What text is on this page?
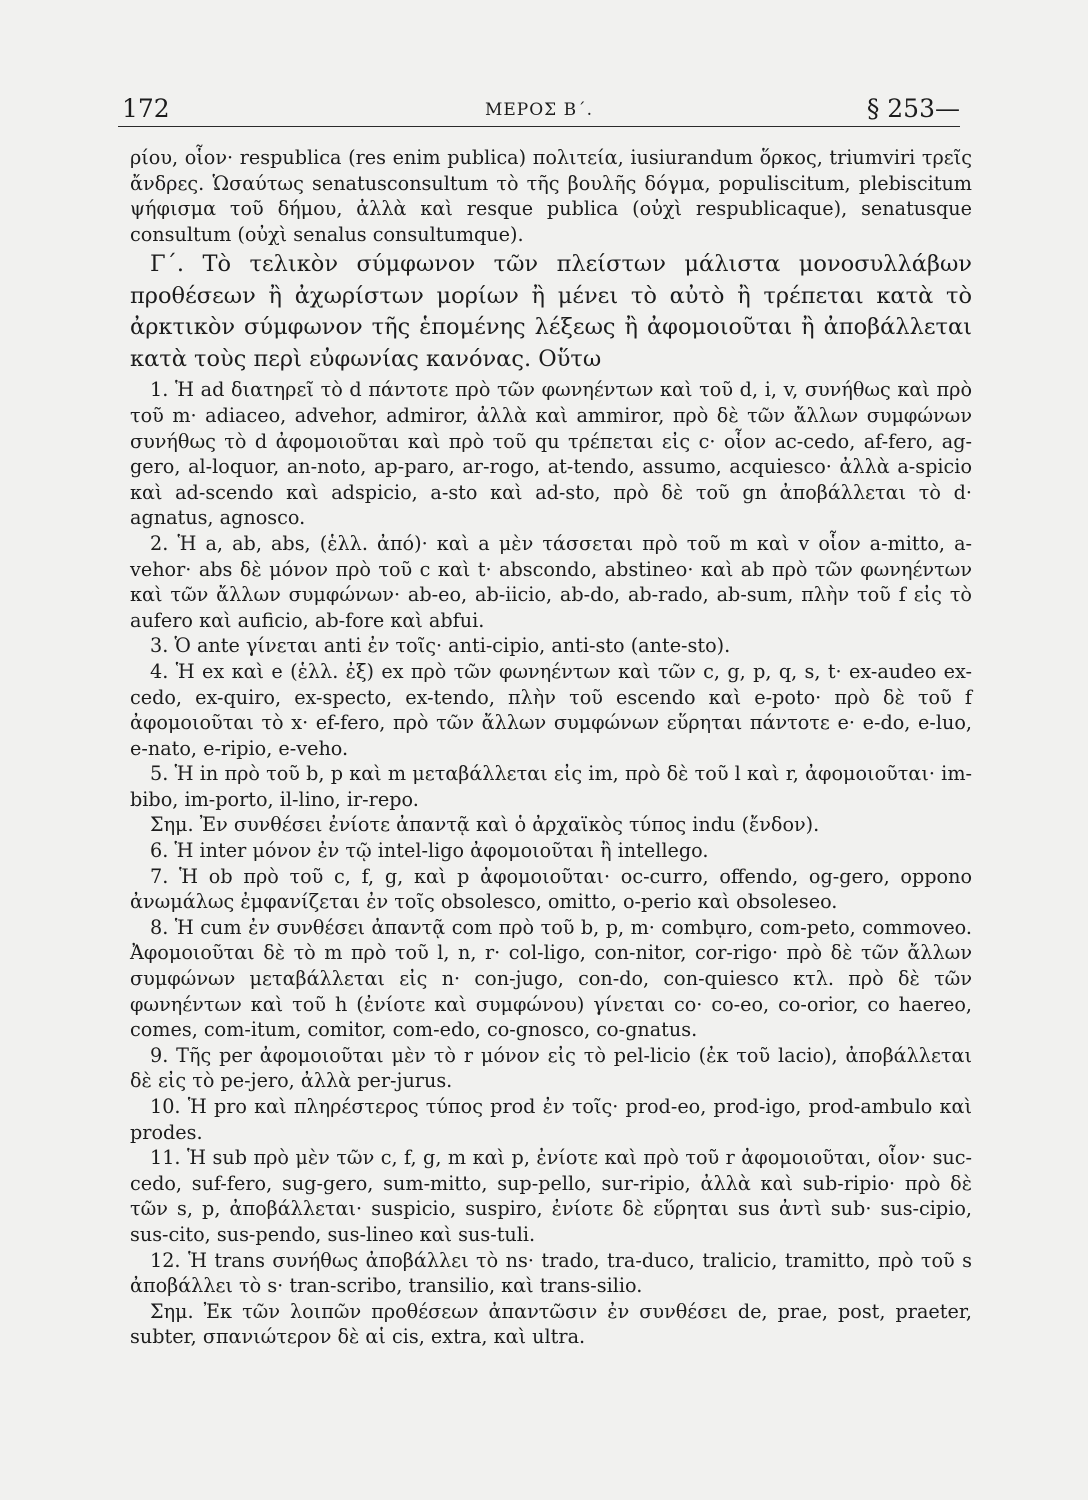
172	ΜΕΡΟΣ Β΄.	§ 253—

ρίου, οἷον· respublica (res enim publica) πολιτεία, iusiurandum ὅρκος, triumviri τρεῖς ἄνδρες. Ὡσαύτως senatusconsultum τὸ τῆς βουλῆς δόγμα, populiscitum, plebiscitum ψήφισμα τοῦ δήμου, ἀλλὰ καὶ resque publica (οὐχὶ respublicaque), senatusque consultum (οὐχὶ senalus consultumque).

Γ΄. Τὸ τελικὸν σύμφωνον τῶν πλείστων μάλιστα μονοσυλλάβων προθέσεων ἢ ἀχωρίστων μορίων ἢ μένει τὸ αὐτὸ ἢ τρέπεται κατὰ τὸ ἀρκτικὸν σύμφωνον τῆς ἑπομένης λέξεως ἢ ἀφομοιοῦται ἢ ἀποβάλλεται κατὰ τοὺς περὶ εὐφωνίας κανόνας. Οὕτω

1. Ἡ ad διατηρεῖ τὸ d πάντοτε πρὸ τῶν φωνηέντων καὶ τοῦ d, i, v, συνήθως καὶ πρὸ τοῦ m· adiaceo, advehor, admiror, ἀλλὰ καὶ ammiror, πρὸ δὲ τῶν ἄλλων συμφώνων συνήθως τὸ d ἀφομοιοῦται καὶ πρὸ τοῦ qu τρέπεται εἰς c· οἷον ac-cedo, af-fero, ag-gero, al-loquor, an-noto, ap-paro, ar-rogo, at-tendo, assumo, acquiesco· ἀλλὰ a-spicio καὶ ad-scendo καὶ adspicio, a-sto καὶ ad-sto, πρὸ δὲ τοῦ gn ἀποβάλλεται τὸ d· agnatus, agnosco.

2. Ἡ a, ab, abs, (ἑλλ. ἀπό)· καὶ a μὲν τάσσεται πρὸ τοῦ m καὶ v οἷον a-mitto, a-vehor· abs δὲ μόνον πρὸ τοῦ c καὶ t· abscondo, abstineo· καὶ ab πρὸ τῶν φωνηέντων καὶ τῶν ἄλλων συμφώνων· ab-eo, ab-iicio, ab-do, ab-rado, ab-sum, πλὴν τοῦ f εἰς τὸ aufero καὶ auficio, ab-fore καὶ abfui.

3. Ὁ ante γίνεται anti ἐν τοῖς· anti-cipio, anti-sto (ante-sto).

4. Ἡ ex καὶ e (ἑλλ. ἐξ) ex πρὸ τῶν φωνηέντων καὶ τῶν c, g, p, q, s, t· ex-audeo ex-cedo, ex-quiro, ex-specto, ex-tendo, πλὴν τοῦ escendo καὶ e-poto· πρὸ δὲ τοῦ f ἀφομοιοῦται τὸ x· ef-fero, πρὸ τῶν ἄλλων συμφώνων εὕρηται πάντοτε e· e-do, e-luo, e-nato, e-ripio, e-veho.

5. Ἡ in πρὸ τοῦ b, p καὶ m μεταβάλλεται εἰς im, πρὸ δὲ τοῦ l καὶ r, ἀφομοιοῦται· im-bibo, im-porto, il-lino, ir-repo.

Σημ. Ἐν συνθέσει ἐνίοτε ἀπαντᾷ καὶ ὁ ἀρχαϊκὸς τύπος indu (ἔνδον).

6. Ἡ inter μόνον ἐν τῷ intel-ligo ἀφομοιοῦται ἢ intellego.

7. Ἡ ob πρὸ τοῦ c, f, g, καὶ p ἀφομοιοῦται· oc-curro, offendo, og-gero, oppono ἀνωμάλως ἐμφανίζεται ἐν τοῖς obsolesco, omitto, o-perio καὶ obsoleseo.

8. Ἡ cum ἐν συνθέσει ἀπαντᾷ com πρὸ τοῦ b, p, m· combụro, com-peto, commoveo. Ἀφομοιοῦται δὲ τὸ m πρὸ τοῦ l, n, r· col-ligo, con-nitor, cor-rigo· πρὸ δὲ τῶν ἄλλων συμφώνων μεταβάλλεται εἰς n· con-jugo, con-do, con-quiesco κτλ. πρὸ δὲ τῶν φωνηέντων καὶ τοῦ h (ἐνίοτε καὶ συμφώνου) γίνεται co· co-eo, co-orior, co haereo, comes, com-itum, comitor, com-edo, co-gnosco, co-gnatus.

9. Τῆς per ἀφομοιοῦται μὲν τὸ r μόνον εἰς τὸ pel-licio (ἐκ τοῦ lacio), ἀποβάλλεται δὲ εἰς τὸ pe-jero, ἀλλὰ per-jurus.

10. Ἡ pro καὶ πληρέστερος τύπος prod ἐν τοῖς· prod-eo, prod-igo, prod-ambulo καὶ prodes.

11. Ἡ sub πρὸ μὲν τῶν c, f, g, m καὶ p, ἐνίοτε καὶ πρὸ τοῦ r ἀφομοιοῦται, οἷον· suc-cedo, suf-fero, sug-gero, sum-mitto, sup-pello, sur-ripio, ἀλλὰ καὶ sub-ripio· πρὸ δὲ τῶν s, p, ἀποβάλλεται· suspicio, suspiro, ἐνίοτε δὲ εὕρηται sus ἀντὶ sub· sus-cipio, sus-cito, sus-pendo, sus-lineo καὶ sus-tuli.

12. Ἡ trans συνήθως ἀποβάλλει τὸ ns· trado, tra-duco, tralicio, tramitto, πρὸ τοῦ s ἀποβάλλει τὸ s· tran-scribo, transilio, καὶ trans-silio.

Σημ. Ἐκ τῶν λοιπῶν προθέσεων ἀπαντῶσιν ἐν συνθέσει de, prae, post, praeter, subter, σπανιώτερον δὲ αἱ cis, extra, καὶ ultra.
